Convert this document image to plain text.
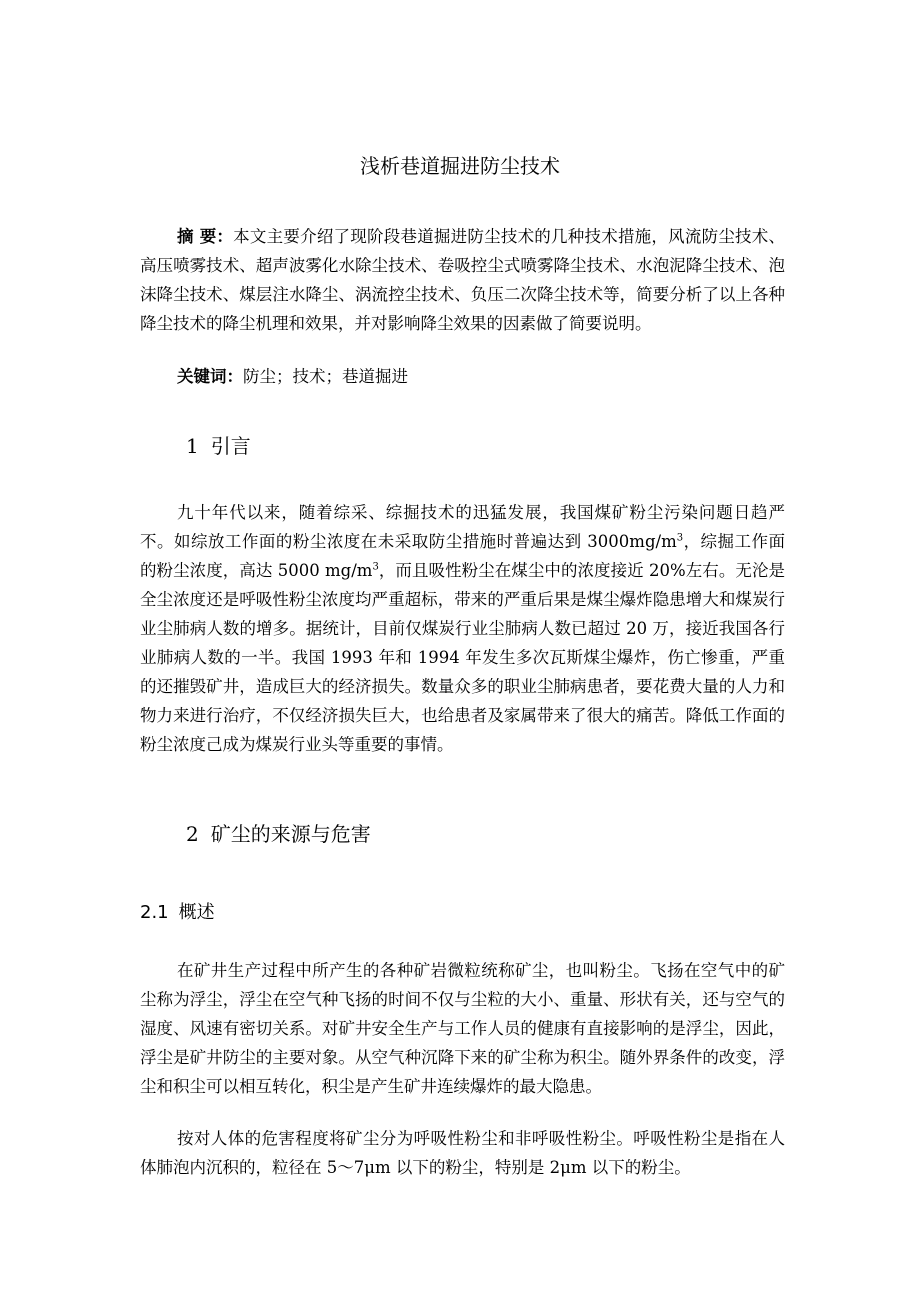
浅析巷道掘进防尘技术
摘 要：本文主要介绍了现阶段巷道掘进防尘技术的几种技术措施，风流防尘技术、高压喷雾技术、超声波雾化水除尘技术、卷吸控尘式喷雾降尘技术、水泡泥降尘技术、泡沫降尘技术、煤层注水降尘、涡流控尘技术、负压二次降尘技术等，简要分析了以上各种降尘技术的降尘机理和效果，并对影响降尘效果的因素做了简要说明。
关键词：防尘；技术；巷道掘进
1 引言
九十年代以来，随着综采、综掘技术的迅猛发展，我国煤矿粉尘污染问题日趋严不。如综放工作面的粉尘浓度在未采取防尘措施时普遍达到 $3000mg/m^3$，综掘工作面的粉尘浓度，高达 5000 $mg/m^3$，而且吸性粉尘在煤尘中的浓度接近 20%左右。无沦是全尘浓度还是呼吸性粉尘浓度均严重超标，带来的严重后果是煤尘爆炸隐患增大和煤炭行业尘肺病人数的增多。据统计，目前仅煤炭行业尘肺病人数已超过 20 万，接近我国各行业肺病人数的一半。我国 1993 年和 1994 年发生多次瓦斯煤尘爆炸，伤亡惨重，严重的还摧毁矿井，造成巨大的经济损失。数量众多的职业尘肺病患者，要花费大量的人力和物力来进行治疗，不仅经济损失巨大，也给患者及家属带来了很大的痛苦。降低工作面的粉尘浓度己成为煤炭行业头等重要的事情。
2 矿尘的来源与危害
2.1 概述
在矿井生产过程中所产生的各种矿岩微粒统称矿尘，也叫粉尘。飞扬在空气中的矿尘称为浮尘，浮尘在空气种飞扬的时间不仅与尘粒的大小、重量、形状有关，还与空气的湿度、风速有密切关系。对矿井安全生产与工作人员的健康有直接影响的是浮尘，因此，浮尘是矿井防尘的主要对象。从空气种沉降下来的矿尘称为积尘。随外界条件的改变，浮尘和积尘可以相互转化，积尘是产生矿井连续爆炸的最大隐患。
按对人体的危害程度将矿尘分为呼吸性粉尘和非呼吸性粉尘。呼吸性粉尘是指在人体肺泡内沉积的，粒径在 5～7μm 以下的粉尘，特别是 2μm 以下的粉尘。
